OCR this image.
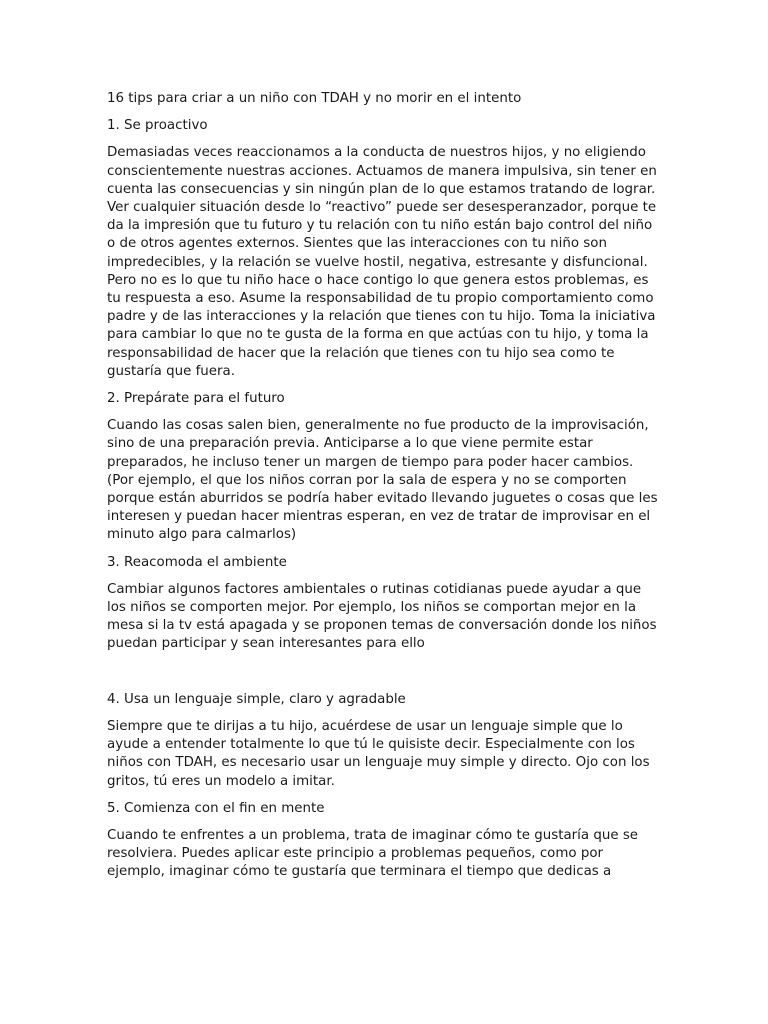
16 tips para criar a un niño con TDAH y no morir en el intento

1. Se proactivo

Demasiadas veces reaccionamos a la conducta de nuestros hijos, y no eligiendo conscientemente nuestras acciones. Actuamos de manera impulsiva, sin tener en cuenta las consecuencias y sin ningún plan de lo que estamos tratando de lograr. Ver cualquier situación desde lo “reactivo” puede ser desesperanzador, porque te da la impresión que tu futuro y tu relación con tu niño están bajo control del niño o de otros agentes externos. Sientes que las interacciones con tu niño son impredecibles, y la relación se vuelve hostil, negativa, estresante y disfuncional. Pero no es lo que tu niño hace o hace contigo lo que genera estos problemas, es tu respuesta a eso. Asume la responsabilidad de tu propio comportamiento como padre y de las interacciones y la relación que tienes con tu hijo. Toma la iniciativa para cambiar lo que no te gusta de la forma en que actúas con tu hijo, y toma la responsabilidad de hacer que la relación que tienes con tu hijo sea como te gustaría que fuera.

2. Prepárate para el futuro

Cuando las cosas salen bien, generalmente no fue producto de la improvisación, sino de una preparación previa. Anticiparse a lo que viene permite estar preparados, he incluso tener un margen de tiempo para poder hacer cambios. (Por ejemplo, el que los niños corran por la sala de espera y no se comporten porque están aburridos se podría haber evitado llevando juguetes o cosas que les interesen y puedan hacer mientras esperan, en vez de tratar de improvisar en el minuto algo para calmarlos)

3. Reacomoda el ambiente

Cambiar algunos factores ambientales o rutinas cotidianas puede ayudar a que los niños se comporten mejor. Por ejemplo, los niños se comportan mejor en la mesa si la tv está apagada y se proponen temas de conversación donde los niños puedan participar y sean interesantes para ello

4. Usa un lenguaje simple, claro y agradable

Siempre que te dirijas a tu hijo, acuérdese de usar un lenguaje simple que lo ayude a entender totalmente lo que tú le quisiste decir. Especialmente con los niños con TDAH, es necesario usar un lenguaje muy simple y directo. Ojo con los gritos, tú eres un modelo a imitar.

5. Comienza con el fin en mente

Cuando te enfrentes a un problema, trata de imaginar cómo te gustaría que se resolviera. Puedes aplicar este principio a problemas pequeños, como por ejemplo, imaginar cómo te gustaría que terminara el tiempo que dedicas a
